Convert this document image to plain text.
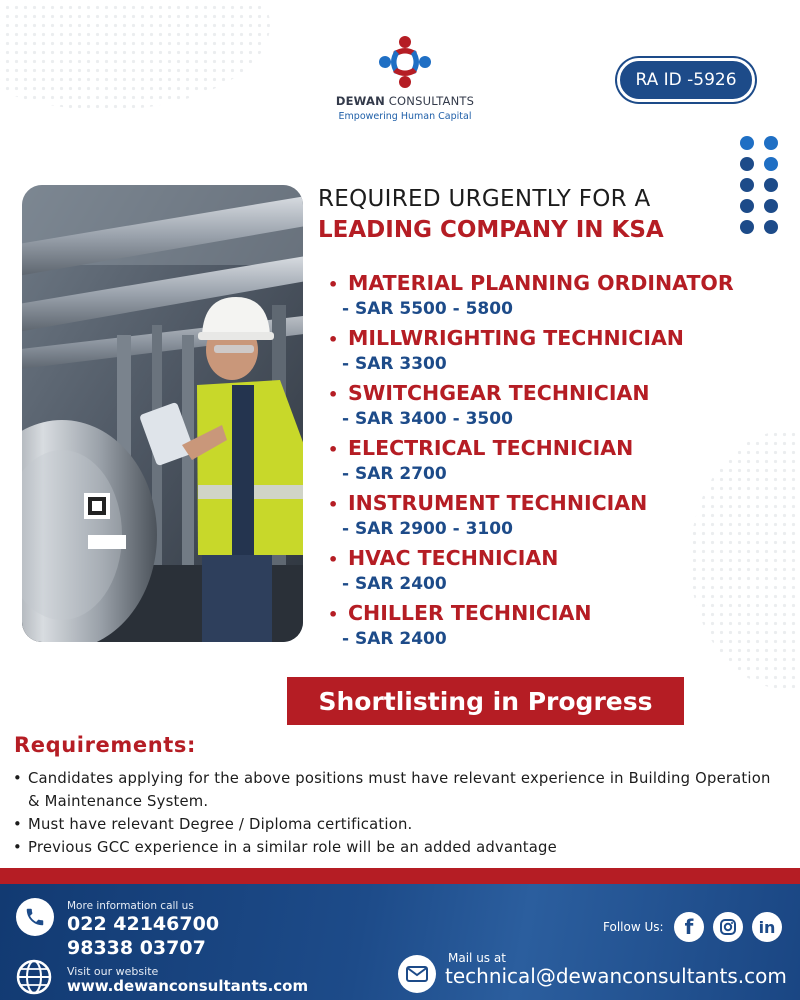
DEWAN CONSULTANTS
Empowering Human Capital
RA ID -5926
REQUIRED URGENTLY FOR A
LEADING COMPANY IN KSA
• MATERIAL PLANNING ORDINATOR
- SAR 5500 - 5800
• MILLWRIGHTING TECHNICIAN
- SAR 3300
• SWITCHGEAR TECHNICIAN
- SAR 3400 - 3500
• ELECTRICAL TECHNICIAN
- SAR 2700
• INSTRUMENT TECHNICIAN
- SAR 2900 - 3100
• HVAC TECHNICIAN
- SAR 2400
• CHILLER TECHNICIAN
- SAR 2400
Shortlisting in Progress
Requirements:
• Candidates applying for the above positions must have relevant experience in Building Operation & Maintenance System.
• Must have relevant Degree / Diploma certification.
• Previous GCC experience in a similar role will be an added advantage
More information call us
022 42146700
98338 03707
Visit our website
www.dewanconsultants.com
Follow Us:	f	in
Mail us at
technical@dewanconsultants.com
